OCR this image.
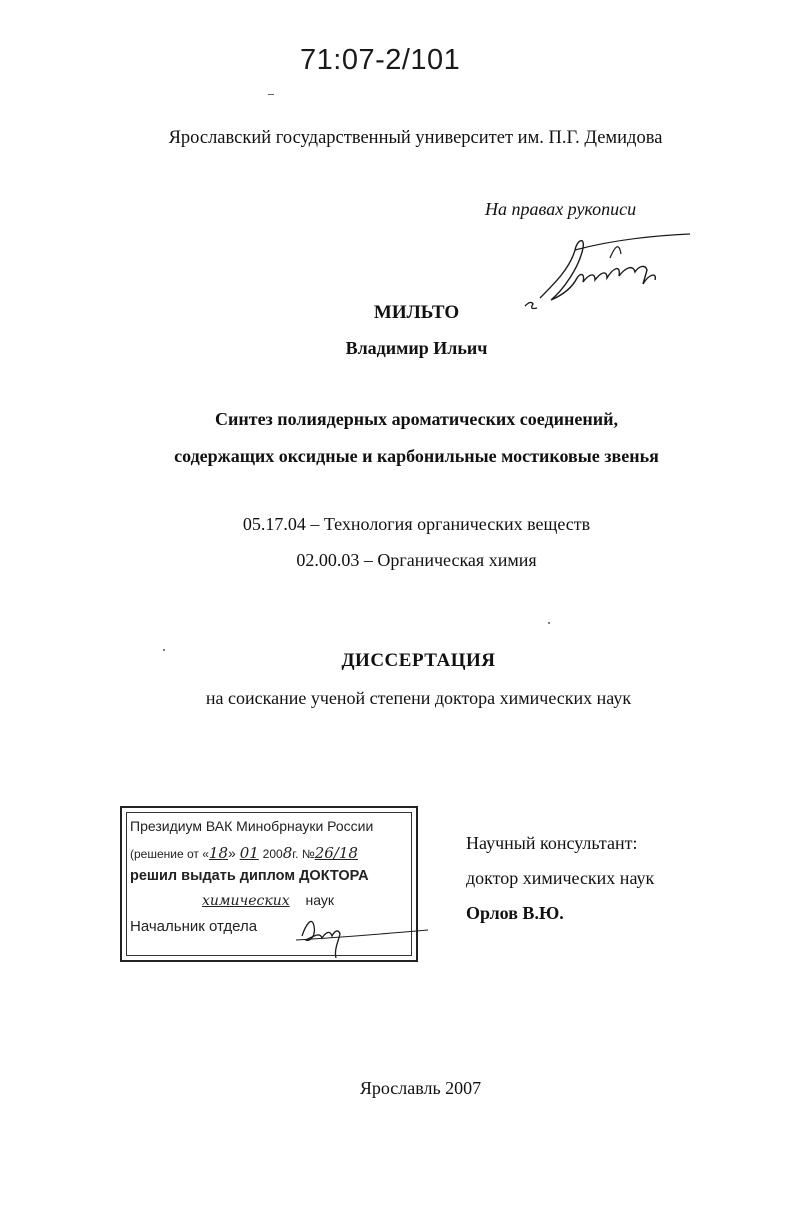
71:07-2/101
Ярославский государственный университет им. П.Г. Демидова
На правах рукописи
МИЛЬТО
Владимир Ильич
Синтез полиядерных ароматических соединений,
содержащих оксидные и карбонильные мостиковые звенья
05.17.04 – Технология органических веществ
02.00.03 – Органическая химия
ДИССЕРТАЦИЯ
на соискание ученой степени доктора химических наук
Президиум ВАК Минобрнауки России
(решение от «18» 01 2008г. №26/18
решил выдать диплом ДОКТОРА
химических наук
Начальник отдела
Научный консультант:
доктор химических наук
Орлов В.Ю.
Ярославль 2007
